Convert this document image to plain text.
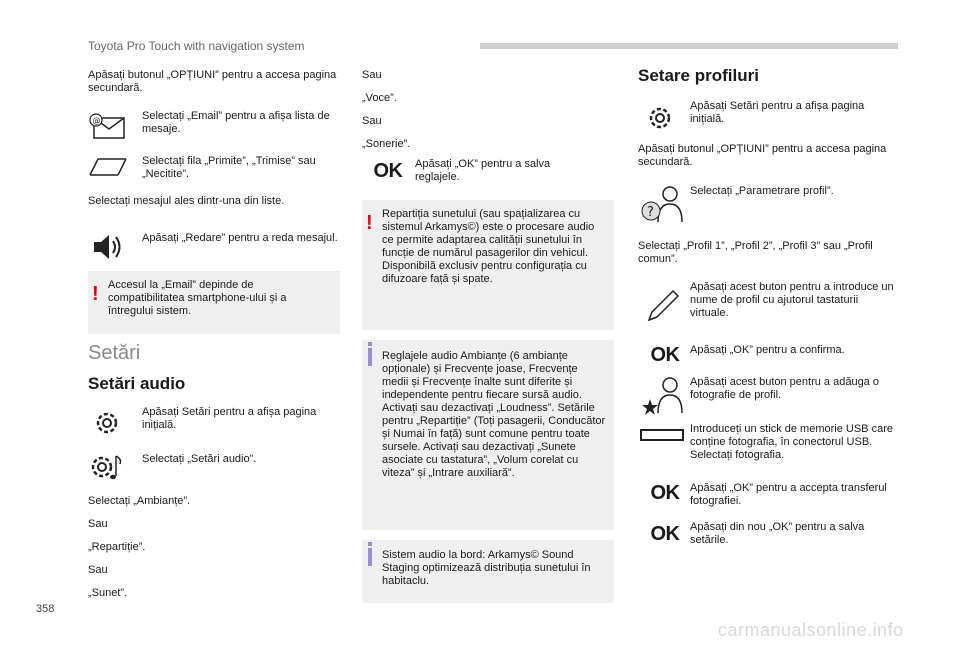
Toyota Pro Touch with navigation system
Apăsați butonul „OPȚIUNI” pentru a accesa pagina secundară.
@	Selectați „Email” pentru a afișa lista de mesaje.
Selectați fila „Primite”, „Trimise” sau „Necitite”.
Selectați mesajul ales dintr-una din liste.
Apăsați „Redare” pentru a reda mesajul.
! Accesul la „Email” depinde de compatibilitatea smartphone-ului și a întregului sistem.
Setări
Setări audio
Apăsați Setări pentru a afișa pagina inițială.
Selectați „Setări audio”.
Selectați „Ambianțe”.
Sau
„Repartiție”.
Sau
„Sunet”.
Sau
„Voce”.
Sau
„Sonerie”.
OK	Apăsați „OK” pentru a salva reglajele.
! Repartiția sunetului (sau spațializarea cu sistemul Arkamys©) este o procesare audio ce permite adaptarea calității sunetului în funcție de numărul pasagerilor din vehicul. Disponibilă exclusiv pentru configurația cu difuzoare față și spate.
Reglajele audio Ambianțe (6 ambianțe opționale) și Frecvențe joase, Frecvențe medii și Frecvențe înalte sunt diferite și independente pentru fiecare sursă audio. Activați sau dezactivați „Loudness”. Setările pentru „Repartiție” (Toți pasagerii, Conducător și Numai în față) sunt comune pentru toate sursele. Activați sau dezactivați „Sunete asociate cu tastatura”, „Volum corelat cu viteza” și „Intrare auxiliară”.
Sistem audio la bord: Arkamys© Sound Staging optimizează distribuția sunetului în habitaclu.
Setare profiluri
Apăsați Setări pentru a afișa pagina inițială.
Apăsați butonul „OPȚIUNI” pentru a accesa pagina secundară.
?
Selectați „Parametrare profil”.
Selectați „Profil 1”, „Profil 2”, „Profil 3” sau „Profil comun”.
Apăsați acest buton pentru a introduce un nume de profil cu ajutorul tastaturii virtuale.
OK Apăsați „OK” pentru a confirma.
Apăsați acest buton pentru a adăuga o fotografie de profil.
Introduceți un stick de memorie USB care conține fotografia, în conectorul USB. Selectați fotografia.
OK Apăsați „OK” pentru a accepta transferul fotografiei.
OK Apăsați din nou „OK” pentru a salva setările.
358
carmanualsonline.info
